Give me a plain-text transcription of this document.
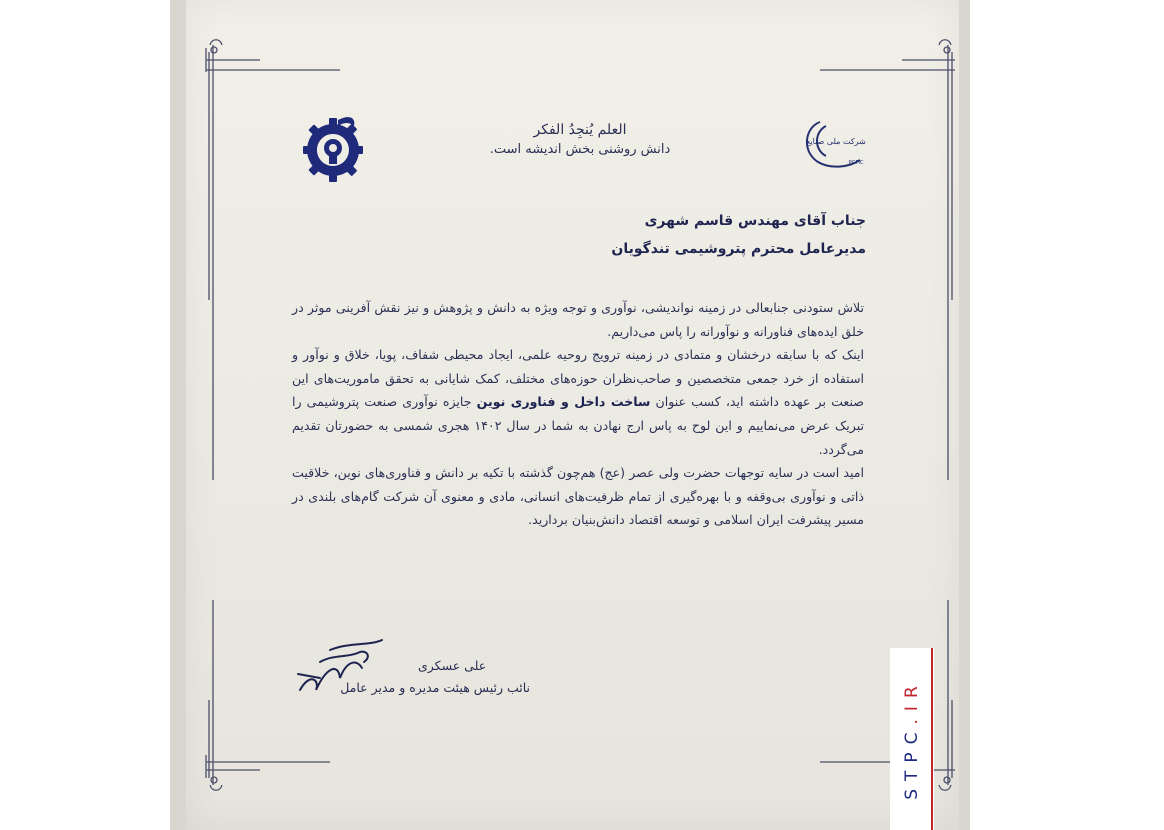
العلم یُنجِدُ الفکر
دانش روشنی بخش اندیشه است.
شرکت ملی صنایع
PGPIC
جناب آقای مهندس قاسم شهری
مدیرعامل محترم پتروشیمی تندگویان

تلاش ستودنی جنابعالی در زمینه نواندیشی، نوآوری و توجه ویژه به دانش و پژوهش و نیز نقش آفرینی موثر در خلق ایده‌های فناورانه و نوآورانه را پاس می‌داریم.

اینک که با سابقه درخشان و متمادی در زمینه ترویج روحیه علمی، ایجاد محیطی شفاف، پویا، خلاق و نوآور و استفاده از خرد جمعی متخصصین و صاحب‌نظران حوزه‌های مختلف، کمک شایانی به تحقق ماموریت‌های این صنعت بر عهده داشته اید، کسب عنوان ساخت داخل و فناوری نوین جایزه نوآوری صنعت پتروشیمی را تبریک عرض می‌نماییم و این لوح به پاس ارج نهادن به شما در سال ۱۴۰۲ هجری شمسی به حضورتان تقدیم می‌گردد.

امید است در سایه توجهات حضرت ولی عصر (عج) هم‌چون گذشته با تکیه بر دانش و فناوری‌های نوین، خلاقیت ذاتی و نوآوری بی‌وقفه و با بهره‌گیری از تمام ظرفیت‌های انسانی، مادی و معنوی آن شرکت گام‌های بلندی در مسیر پیشرفت ایران اسلامی و توسعه اقتصاد دانش‌بنیان بردارید.

علی عسکری
نائب رئیس هیئت مدیره و مدیر عامل
STPC
.IR
